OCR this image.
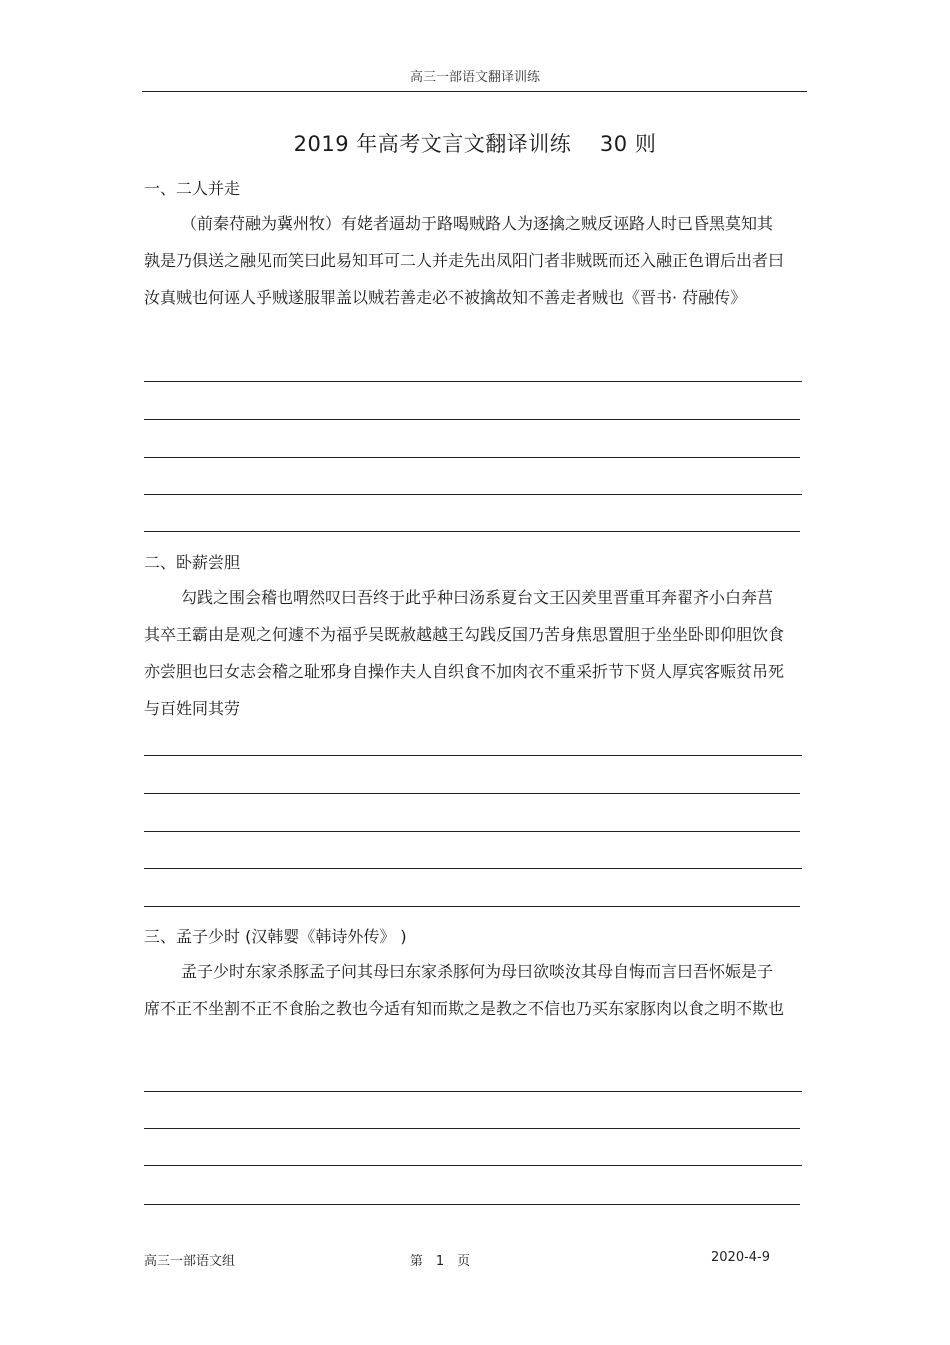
高三一部语文翻译训练
2019 年高考文言文翻译训练　 30 则
一、二人并走

（前秦苻融为冀州牧）有姥者逼劫于路喝贼路人为逐擒之贼反诬路人时已昏黑莫知其孰是乃俱送之融见而笑曰此易知耳可二人并走先出凤阳门者非贼既而还入融正色谓后出者曰汝真贼也何诬人乎贼遂服罪盖以贼若善走必不被擒故知不善走者贼也《晋书· 苻融传》

二、卧薪尝胆

勾践之围会稽也喟然叹曰吾终于此乎种曰汤系夏台文王囚羑里晋重耳奔翟齐小白奔莒其卒王霸由是观之何遽不为福乎吴既赦越越王勾践反国乃苦身焦思置胆于坐坐卧即仰胆饮食亦尝胆也曰女志会稽之耻邪身自操作夫人自织食不加肉衣不重采折节下贤人厚宾客赈贫吊死与百姓同其劳

三、孟子少时 (汉韩婴《韩诗外传》 )

孟子少时东家杀豚孟子问其母曰东家杀豚何为母曰欲啖汝其母自悔而言曰吾怀娠是子席不正不坐割不正不食胎之教也今适有知而欺之是教之不信也乃买东家豚肉以食之明不欺也

高三一部语文组	第　1　页	2020-4-9
